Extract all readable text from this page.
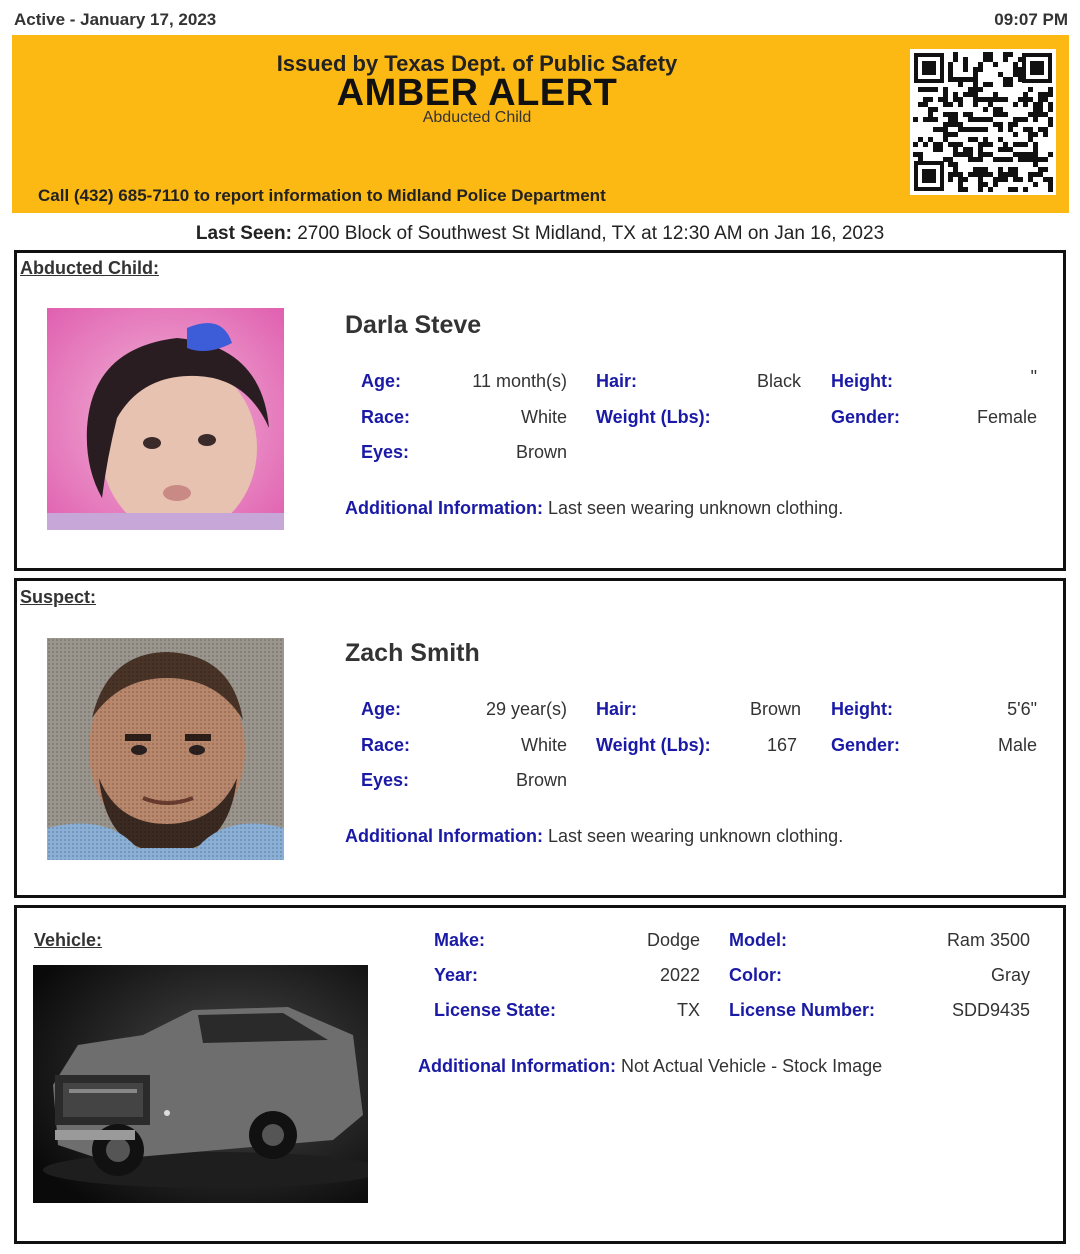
Active - January 17, 2023	09:07 PM
Issued by Texas Dept. of Public Safety
AMBER ALERT
Abducted Child
Call (432) 685-7110 to report information to Midland Police Department
Last Seen: 2700 Block of Southwest St Midland, TX at 12:30 AM on Jan 16, 2023
Abducted Child:
Darla Steve
Age:	11 month(s) Hair:	Black Height:	"
Race:	White Weight (Lbs):	Gender:	Female
Eyes:	Brown
Additional Information: Last seen wearing unknown clothing.
Suspect:
Zach Smith
Age:	29 year(s) Hair:	Brown Height:	5'6"
Race:	White Weight (Lbs):	167 Gender:	Male
Eyes:	Brown
Additional Information: Last seen wearing unknown clothing.
Vehicle:	Make:	Dodge Model:	Ram 3500
Year:	2022 Color:	Gray
License State:	TX License Number:	SDD9435
Additional Information: Not Actual Vehicle - Stock Image
